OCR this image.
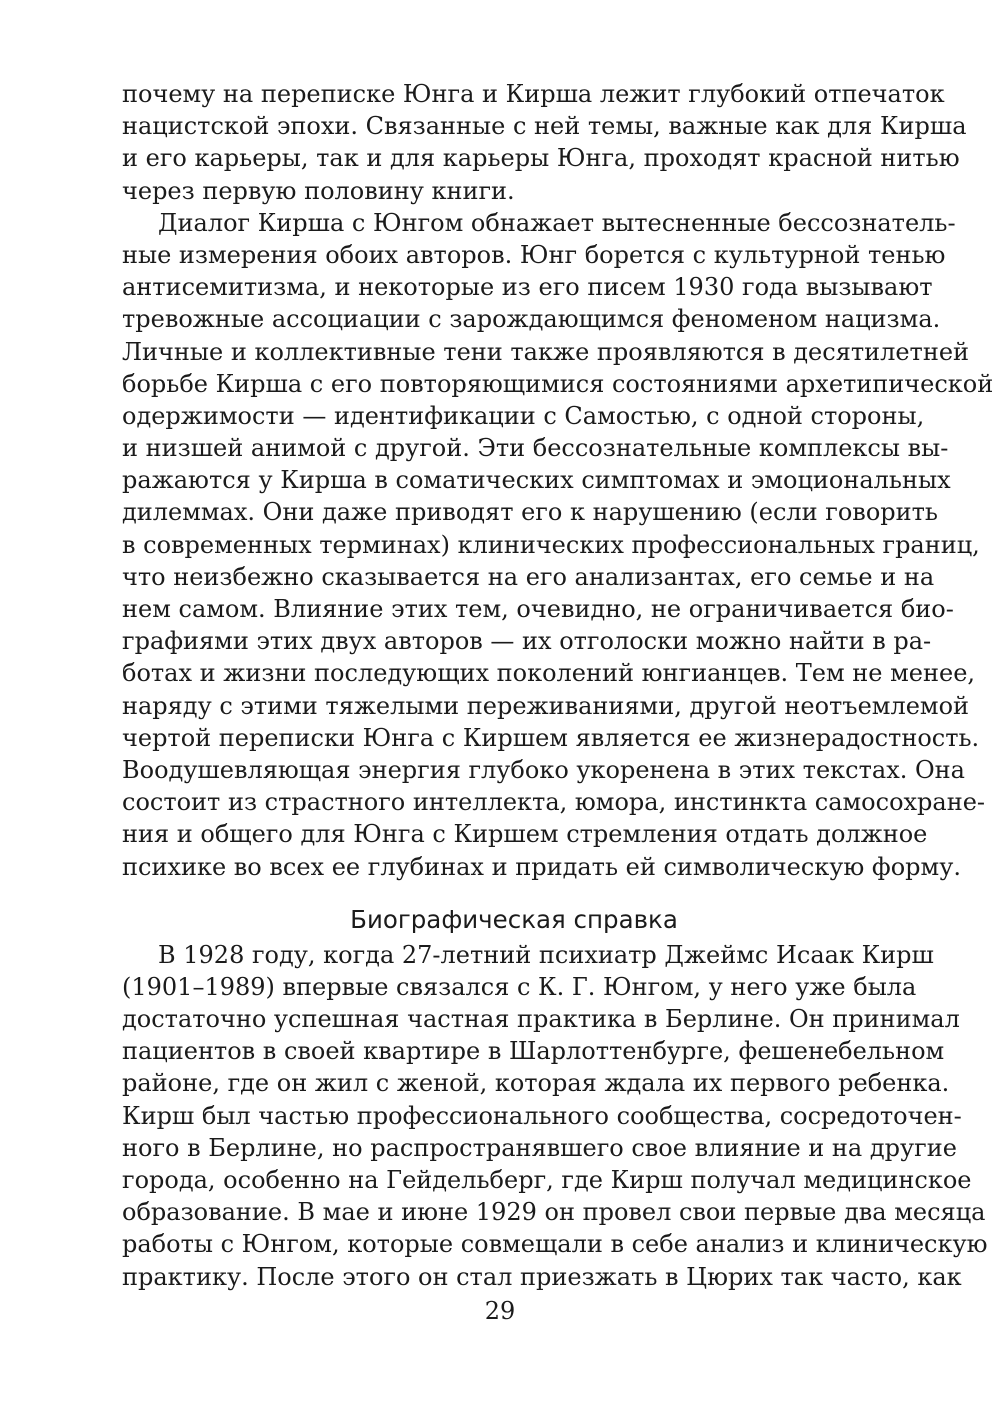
почему на переписке Юнга и Кирша лежит глубокий отпечаток
нацистской эпохи. Связанные с ней темы, важные как для Кирша
и его карьеры, так и для карьеры Юнга, проходят красной нитью
через первую половину книги.
Диалог Кирша с Юнгом обнажает вытесненные бессознатель-
ные измерения обоих авторов. Юнг борется с культурной тенью
антисемитизма, и некоторые из его писем 1930 года вызывают
тревожные ассоциации с зарождающимся феноменом нацизма.
Личные и коллективные тени также проявляются в десятилетней
борьбе Кирша с его повторяющимися состояниями архетипической
одержимости — идентификации с Самостью, с одной стороны,
и низшей анимой с другой. Эти бессознательные комплексы вы-
ражаются у Кирша в соматических симптомах и эмоциональных
дилеммах. Они даже приводят его к нарушению (если говорить
в современных терминах) клинических профессиональных границ,
что неизбежно сказывается на его анализантах, его семье и на
нем самом. Влияние этих тем, очевидно, не ограничивается био-
графиями этих двух авторов — их отголоски можно найти в ра-
ботах и жизни последующих поколений юнгианцев. Тем не менее,
наряду с этими тяжелыми переживаниями, другой неотъемлемой
чертой переписки Юнга с Киршем является ее жизнерадостность.
Воодушевляющая энергия глубоко укоренена в этих текстах. Она
состоит из страстного интеллекта, юмора, инстинкта самосохране-
ния и общего для Юнга с Киршем стремления отдать должное
психике во всех ее глубинах и придать ей символическую форму.
Биографическая справка
В 1928 году, когда 27-летний психиатр Джеймс Исаак Кирш
(1901–1989) впервые связался с К. Г. Юнгом, у него уже была
достаточно успешная частная практика в Берлине. Он принимал
пациентов в своей квартире в Шарлоттенбурге, фешенебельном
районе, где он жил с женой, которая ждала их первого ребенка.
Кирш был частью профессионального сообщества, сосредоточен-
ного в Берлине, но распространявшего свое влияние и на другие
города, особенно на Гейдельберг, где Кирш получал медицинское
образование. В мае и июне 1929 он провел свои первые два месяца
работы с Юнгом, которые совмещали в себе анализ и клиническую
практику. После этого он стал приезжать в Цюрих так часто, как
29
